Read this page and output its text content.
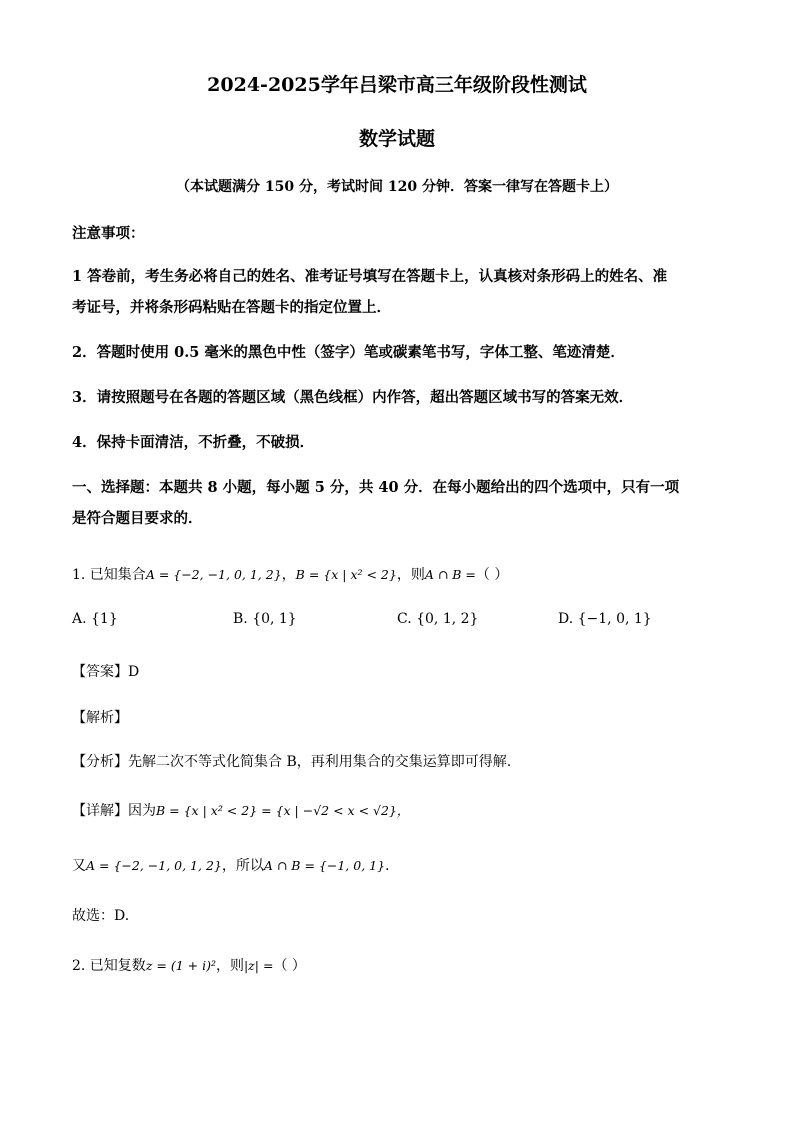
2024-2025学年吕梁市高三年级阶段性测试
数学试题
（本试题满分 150 分，考试时间 120 分钟．答案一律写在答题卡上）
注意事项：
1 答卷前，考生务必将自己的姓名、准考证号填写在答题卡上，认真核对条形码上的姓名、准
考证号，并将条形码粘贴在答题卡的指定位置上．
2．答题时使用 0.5 毫米的黑色中性（签字）笔或碳素笔书写，字体工整、笔迹清楚．
3．请按照题号在各题的答题区域（黑色线框）内作答，超出答题区域书写的答案无效．
4．保持卡面清洁，不折叠，不破损．
一、选择题：本题共 8 小题，每小题 5 分，共 40 分．在每小题给出的四个选项中，只有一项
是符合题目要求的．
1. 已知集合A = {−2, −1, 0, 1, 2}，B = {x | x² < 2}，则A ∩ B =（ ）
A. {1}	B. {0, 1}	C. {0, 1, 2}	D. {−1, 0, 1}
【答案】D
【解析】
【分析】先解二次不等式化简集合 B，再利用集合的交集运算即可得解.
【详解】因为B = {x | x² < 2} = {x | −√2 < x < √2}，
又A = {−2, −1, 0, 1, 2}，所以A ∩ B = {−1, 0, 1}.
故选：D.
2. 已知复数z = (1 + i)²，则|z| =（ ）
